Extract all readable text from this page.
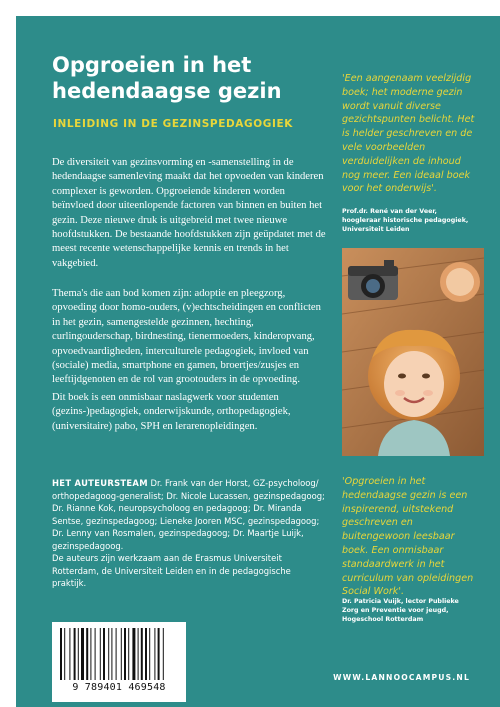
Opgroeien in het
hedendaagse gezin

INLEIDING IN DE GEZINSPEDAGOGIEK

De diversiteit van gezinsvorming en -samenstelling in de hedendaagse samenleving maakt dat het opvoeden van kinderen complexer is geworden. Opgroeiende kinderen worden beïnvloed door uiteenlopende factoren van binnen en buiten het gezin. Deze nieuwe druk is uitgebreid met twee nieuwe hoofdstukken. De bestaande hoofdstukken zijn geüpdatet met de meest recente wetenschappelijke kennis en trends in het vakgebied.

Thema's die aan bod komen zijn: adoptie en pleegzorg, opvoeding door homo-ouders, (v)echtscheidingen en conflicten in het gezin, samengestelde gezinnen, hechting, curlingouderschap, birdnesting, tienermoeders, kinderopvang, opvoedvaardigheden, interculturele pedagogiek, invloed van (sociale) media, smartphone en gamen, broertjes/zusjes en leeftijdgenoten en de rol van grootouders in de opvoeding.

Dit boek is een onmisbaar naslagwerk voor studenten (gezins-)pedagogiek, onderwijskunde, orthopedagogiek, (universitaire) pabo, SPH en lerarenopleidingen.

HET AUTEURSTEAM Dr. Frank van der Horst, GZ-psycholoog/ orthopedagoog-generalist; Dr. Nicole Lucassen, gezinspedagoog; Dr. Rianne Kok, neuropsycholoog en pedagoog; Dr. Miranda Sentse, gezinspedagoog; Lieneke Jooren MSC, gezinspedagoog; Dr. Lenny van Rosmalen, gezinspedagoog; Dr. Maartje Luijk, gezinspedagoog.
De auteurs zijn werkzaam aan de Erasmus Universiteit Rotterdam, de Universiteit Leiden en in de pedagogische praktijk.

'Een aangenaam veelzijdig boek; het moderne gezin wordt vanuit diverse gezichtspunten belicht. Het is helder geschreven en de vele voorbeelden verduidelijken de inhoud nog meer. Een ideaal boek voor het onderwijs'.

Prof.dr. René van der Veer, hoogleraar historische pedagogiek, Universiteit Leiden

'Opgroeien in het hedendaagse gezin is een inspirerend, uitstekend geschreven en buitengewoon leesbaar boek. Een onmisbaar standaardwerk in het curriculum van opleidingen Social Work'.

Dr. Patricia Vuijk, lector Publieke Zorg en Preventie voor jeugd, Hogeschool Rotterdam

9 789401 469548

WWW.LANNOOCAMPUS.NL
